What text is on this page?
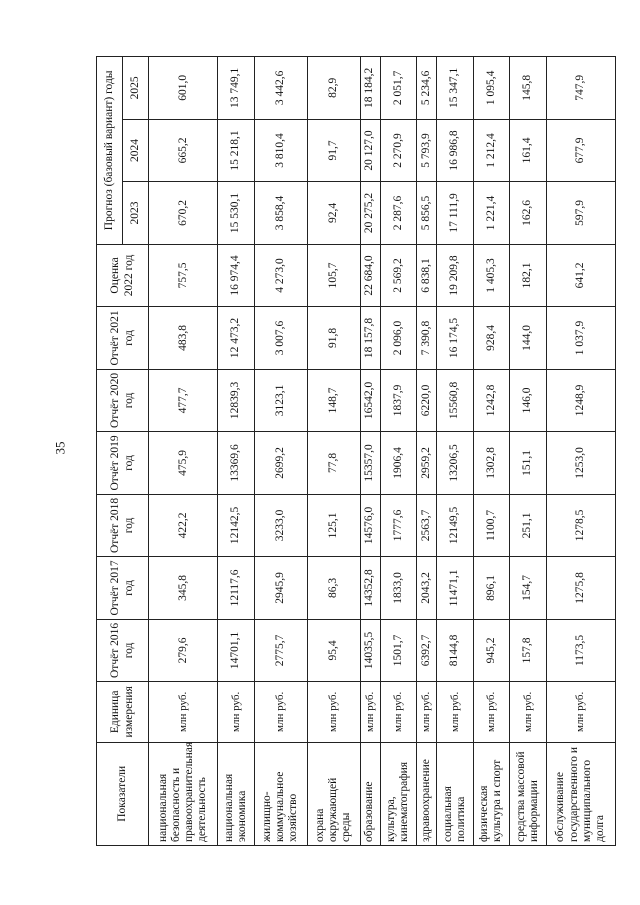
35
Показатели	Единица измерения	Отчёт 2016 год	Отчёт 2017 год	Отчёт 2018 год	Отчёт 2019 год	Отчёт 2020 год	Отчёт 2021 год	Оценка 2022 год	Прогноз (базовый вариант) годы		
									2023	2024	2025
национальная безопасность и правоохранительная деятельность	млн руб.	279,6	345,8	422,2	475,9	477,7	483,8	757,5	670,2	665,2	601,0
национальная экономика	млн руб.	14701,1	12117,6	12142,5	13369,6	12839,3	12 473,2	16 974,4	15 530,1	15 218,1	13 749,1
жилищно-коммунальное хозяйство	млн руб.	2775,7	2945,9	3233,0	2699,2	3123,1	3 007,6	4 273,0	3 858,4	3 810,4	3 442,6
охрана окружающей среды	млн руб.	95,4	86,3	125,1	77,8	148,7	91,8	105,7	92,4	91,7	82,9
образование	млн руб.	14035,5	14352,8	14576,0	15357,0	16542,0	18 157,8	22 684,0	20 275,2	20 127,0	18 184,2
культура, кинематография	млн руб.	1501,7	1833,0	1777,6	1906,4	1837,9	2 096,0	2 569,2	2 287,6	2 270,9	2 051,7
здравоохранение	млн руб.	6392,7	2043,2	2563,7	2959,2	6220,0	7 390,8	6 838,1	5 856,5	5 793,9	5 234,6
социальная политика	млн руб.	8144,8	11471,1	12149,5	13206,5	15560,8	16 174,5	19 209,8	17 111,9	16 986,8	15 347,1
физическая культура и спорт	млн руб.	945,2	896,1	1100,7	1302,8	1242,8	928,4	1 405,3	1 221,4	1 212,4	1 095,4
средства массовой информации	млн руб.	157,8	154,7	251,1	151,1	146,0	144,0	182,1	162,6	161,4	145,8
обслуживание государственного и муниципального долга	млн руб.	1173,5	1275,8	1278,5	1253,0	1248,9	1 037,9	641,2	597,9	677,9	747,9
